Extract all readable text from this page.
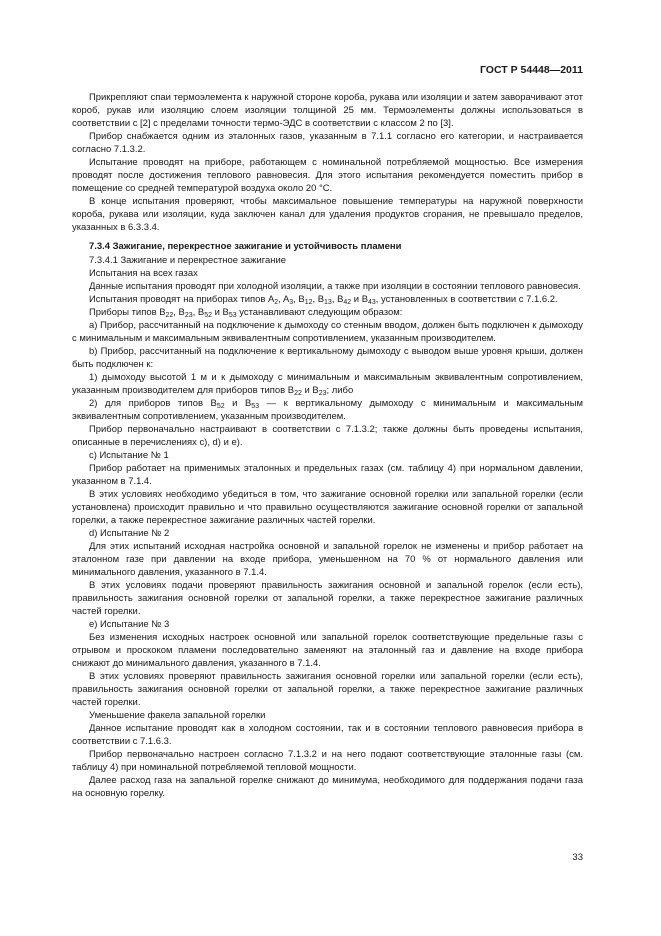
ГОСТ Р 54448—2011

Прикрепляют спаи термоэлемента к наружной стороне короба, рукава или изоляции и затем заворачивают этот короб, рукав или изоляцию слоем изоляции толщиной 25 мм. Термоэлементы должны использоваться в соответствии с [2] с пределами точности термо-ЭДС в соответствии с классом 2 по [3].

Прибор снабжается одним из эталонных газов, указанным в 7.1.1 согласно его категории, и настраивается согласно 7.1.3.2.

Испытание проводят на приборе, работающем с номинальной потребляемой мощностью. Все измерения проводят после достижения теплового равновесия. Для этого испытания рекомендуется поместить прибор в помещение со средней температурой воздуха около 20 °С.

В конце испытания проверяют, чтобы максимальное повышение температуры на наружной поверхности короба, рукава или изоляции, куда заключен канал для удаления продуктов сгорания, не превышало пределов, указанных в 6.3.3.4.

7.3.4 Зажигание, перекрестное зажигание и устойчивость пламени

7.3.4.1 Зажигание и перекрестное зажигание

Испытания на всех газах

Данные испытания проводят при холодной изоляции, а также при изоляции в состоянии теплового равновесия.

Испытания проводят на приборах типов $A_2$, $A_3$, $B_{12}$, $B_{13}$, $B_{42}$ и $B_{43}$, установленных в соответствии с 7.1.6.2.

Приборы типов $B_{22}$, $B_{23}$, $B_{52}$ и $B_{53}$ устанавливают следующим образом:

a) Прибор, рассчитанный на подключение к дымоходу со стенным вводом, должен быть подключен к дымоходу с минимальным и максимальным эквивалентным сопротивлением, указанным производителем.

b) Прибор, рассчитанный на подключение к вертикальному дымоходу с выводом выше уровня крыши, должен быть подключен к:

1) дымоходу высотой 1 м и к дымоходу с минимальным и максимальным эквивалентным сопротивлением, указанным производителем для приборов типов $B_{22}$ и $B_{23}$; либо

2) для приборов типов $B_{52}$ и $B_{53}$ — к вертикальному дымоходу с минимальным и максимальным эквивалентным сопротивлением, указанным производителем.

Прибор первоначально настраивают в соответствии с 7.1.3.2; также должны быть проведены испытания, описанные в перечислениях с), d) и е).

c) Испытание № 1

Прибор работает на применимых эталонных и предельных газах (см. таблицу 4) при нормальном давлении, указанном в 7.1.4.

В этих условиях необходимо убедиться в том, что зажигание основной горелки или запальной горелки (если установлена) происходит правильно и что правильно осуществляются зажигание основной горелки от запальной горелки, а также перекрестное зажигание различных частей горелки.

d) Испытание № 2

Для этих испытаний исходная настройка основной и запальной горелок не изменены и прибор работает на эталонном газе при давлении на входе прибора, уменьшенном на 70 % от нормального давления или минимального давления, указанного в 7.1.4.

В этих условиях подачи проверяют правильность зажигания основной и запальной горелок (если есть), правильность зажигания основной горелки от запальной горелки, а также перекрестное зажигание различных частей горелки.

e) Испытание № 3

Без изменения исходных настроек основной или запальной горелок соответствующие предельные газы с отрывом и проскоком пламени последовательно заменяют на эталонный газ и давление на входе прибора снижают до минимального давления, указанного в 7.1.4.

В этих условиях проверяют правильность зажигания основной горелки или запальной горелки (если есть), правильность зажигания основной горелки от запальной горелки, а также перекрестное зажигание различных частей горелки.

Уменьшение факела запальной горелки

Данное испытание проводят как в холодном состоянии, так и в состоянии теплового равновесия прибора в соответствии с 7.1.6.3.

Прибор первоначально настроен согласно 7.1.3.2 и на него подают соответствующие эталонные газы (см. таблицу 4) при номинальной потребляемой тепловой мощности.

Далее расход газа на запальной горелке снижают до минимума, необходимого для поддержания подачи газа на основную горелку.

33
